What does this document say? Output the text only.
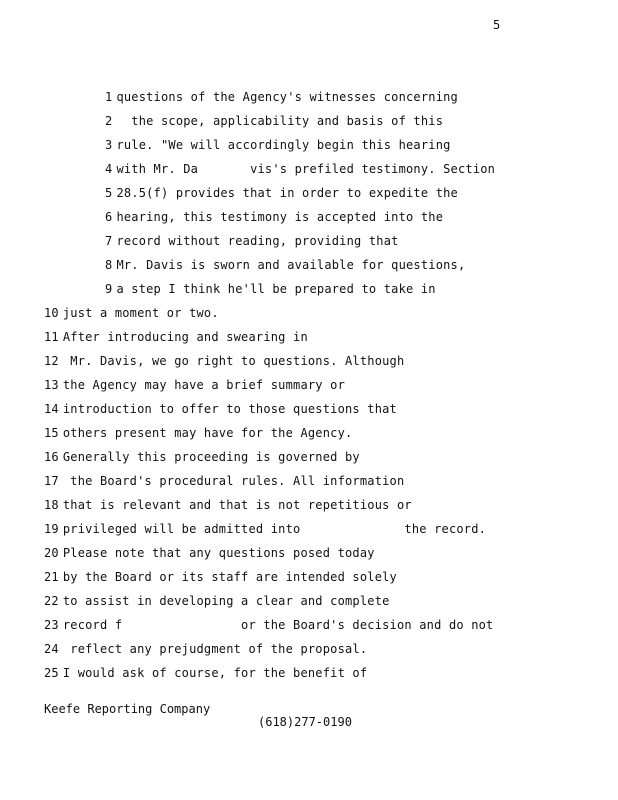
5
1 questions of the Agency's witnesses concerning
2  the scope, applicability and basis of this
3 rule. "We will accordingly begin this hearing
4 with Mr. Da       vis's prefiled testimony. Section
5 28.5(f) provides that in order to expedite the
6 hearing, this testimony is accepted into the
7 record without reading, providing that
8 Mr. Davis is sworn and available for questions,
9 a step I think he'll be prepared to take in
10 just a moment or two.
11 After introducing and swearing in
12 Mr. Davis, we go right to questions. Although
13 the Agency may have a brief summary or
14 introduction to offer to those questions that
15 others present may have for the Agency.
16 Generally this proceeding is governed by
17 the Board's procedural rules. All information
18 that is relevant and that is not repetitious or
19 privileged will be admitted into              the record.
20 Please note that any questions posed today
21 by the Board or its staff are intended solely
22 to assist in developing a clear and complete
23 record f                or the Board's decision and do not
24 reflect any prejudgment of the proposal.
25 I would ask of course, for the benefit of
Keefe Reporting Company
(618)277-0190
